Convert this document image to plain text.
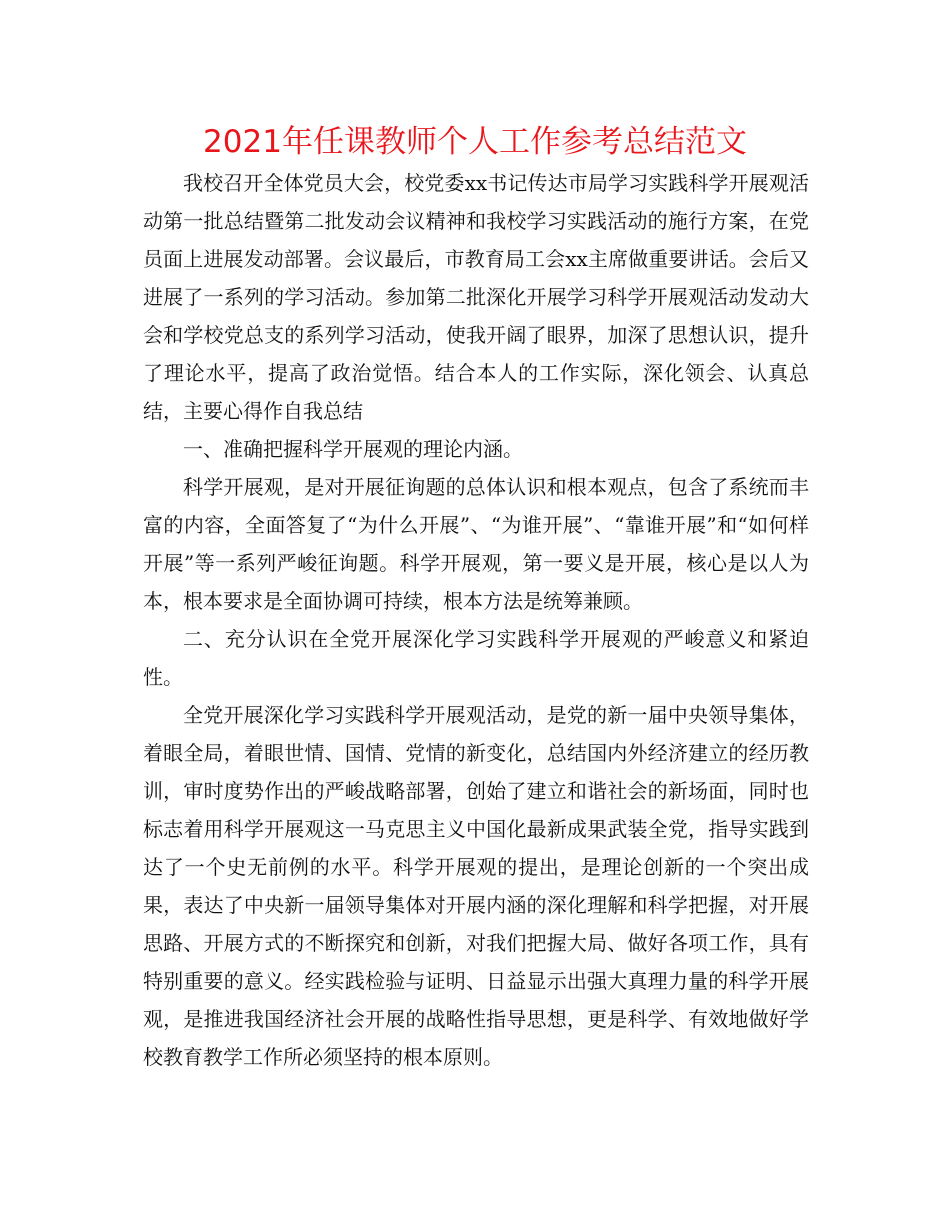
2021年任课教师个人工作参考总结范文

我校召开全体党员大会，校党委xx书记传达市局学习实践科学开展观活动第一批总结暨第二批发动会议精神和我校学习实践活动的施行方案，在党员面上进展发动部署。会议最后，市教育局工会xx主席做重要讲话。会后又进展了一系列的学习活动。参加第二批深化开展学习科学开展观活动发动大会和学校党总支的系列学习活动，使我开阔了眼界，加深了思想认识，提升了理论水平，提高了政治觉悟。结合本人的工作实际，深化领会、认真总结，主要心得作自我总结

一、准确把握科学开展观的理论内涵。

科学开展观，是对开展征询题的总体认识和根本观点，包含了系统而丰富的内容，全面答复了“为什么开展”、“为谁开展”、“靠谁开展”和“如何样开展”等一系列严峻征询题。科学开展观，第一要义是开展，核心是以人为本，根本要求是全面协调可持续，根本方法是统筹兼顾。

二、充分认识在全党开展深化学习实践科学开展观的严峻意义和紧迫性。

全党开展深化学习实践科学开展观活动，是党的新一届中央领导集体，着眼全局，着眼世情、国情、党情的新变化，总结国内外经济建立的经历教训，审时度势作出的严峻战略部署，创始了建立和谐社会的新场面，同时也标志着用科学开展观这一马克思主义中国化最新成果武装全党，指导实践到达了一个史无前例的水平。科学开展观的提出，是理论创新的一个突出成果，表达了中央新一届领导集体对开展内涵的深化理解和科学把握，对开展思路、开展方式的不断探究和创新，对我们把握大局、做好各项工作，具有特别重要的意义。经实践检验与证明、日益显示出强大真理力量的科学开展观，是推进我国经济社会开展的战略性指导思想，更是科学、有效地做好学校教育教学工作所必须坚持的根本原则。
